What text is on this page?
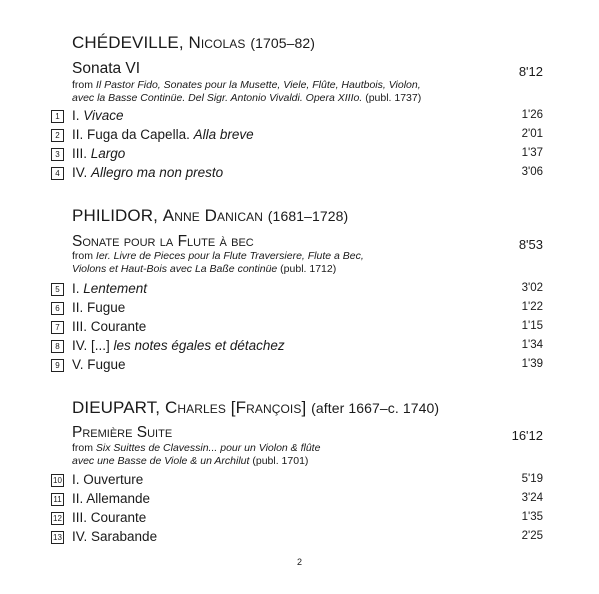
CHÉDEVILLE, Nicolas (1705–82)
Sonata VI	8'12
from Il Pastor Fido, Sonates pour la Musette, Viele, Flûte, Hautbois, Violon,
avec la Basse Continüe. Del Sigr. Antonio Vivaldi. Opera XIIIo. (publ. 1737)
1 I. Vivace	1'26
2 II. Fuga da Capella. Alla breve	2'01
3 III. Largo	1'37
4 IV. Allegro ma non presto	3'06
PHILIDOR, Anne Danican (1681–1728)
Sonate pour la Flute à bec	8'53
from Ier. Livre de Pieces pour la Flute Traversiere, Flute a Bec,
Violons et Haut-Bois avec La Baße continüe (publ. 1712)
5 I. Lentement	3'02
6 II. Fugue	1'22
7 III. Courante	1'15
8 IV. [...] les notes égales et détachez	1'34
9 V. Fugue	1'39
DIEUPART, Charles [François] (after 1667–c. 1740)
Première Suite	16'12
from Six Suittes de Clavessin... pour un Violon & flûte
avec une Basse de Viole & un Archilut (publ. 1701)
10 I. Ouverture	5'19
11 II. Allemande	3'24
12 III. Courante	1'35
13 IV. Sarabande	2'25
2
